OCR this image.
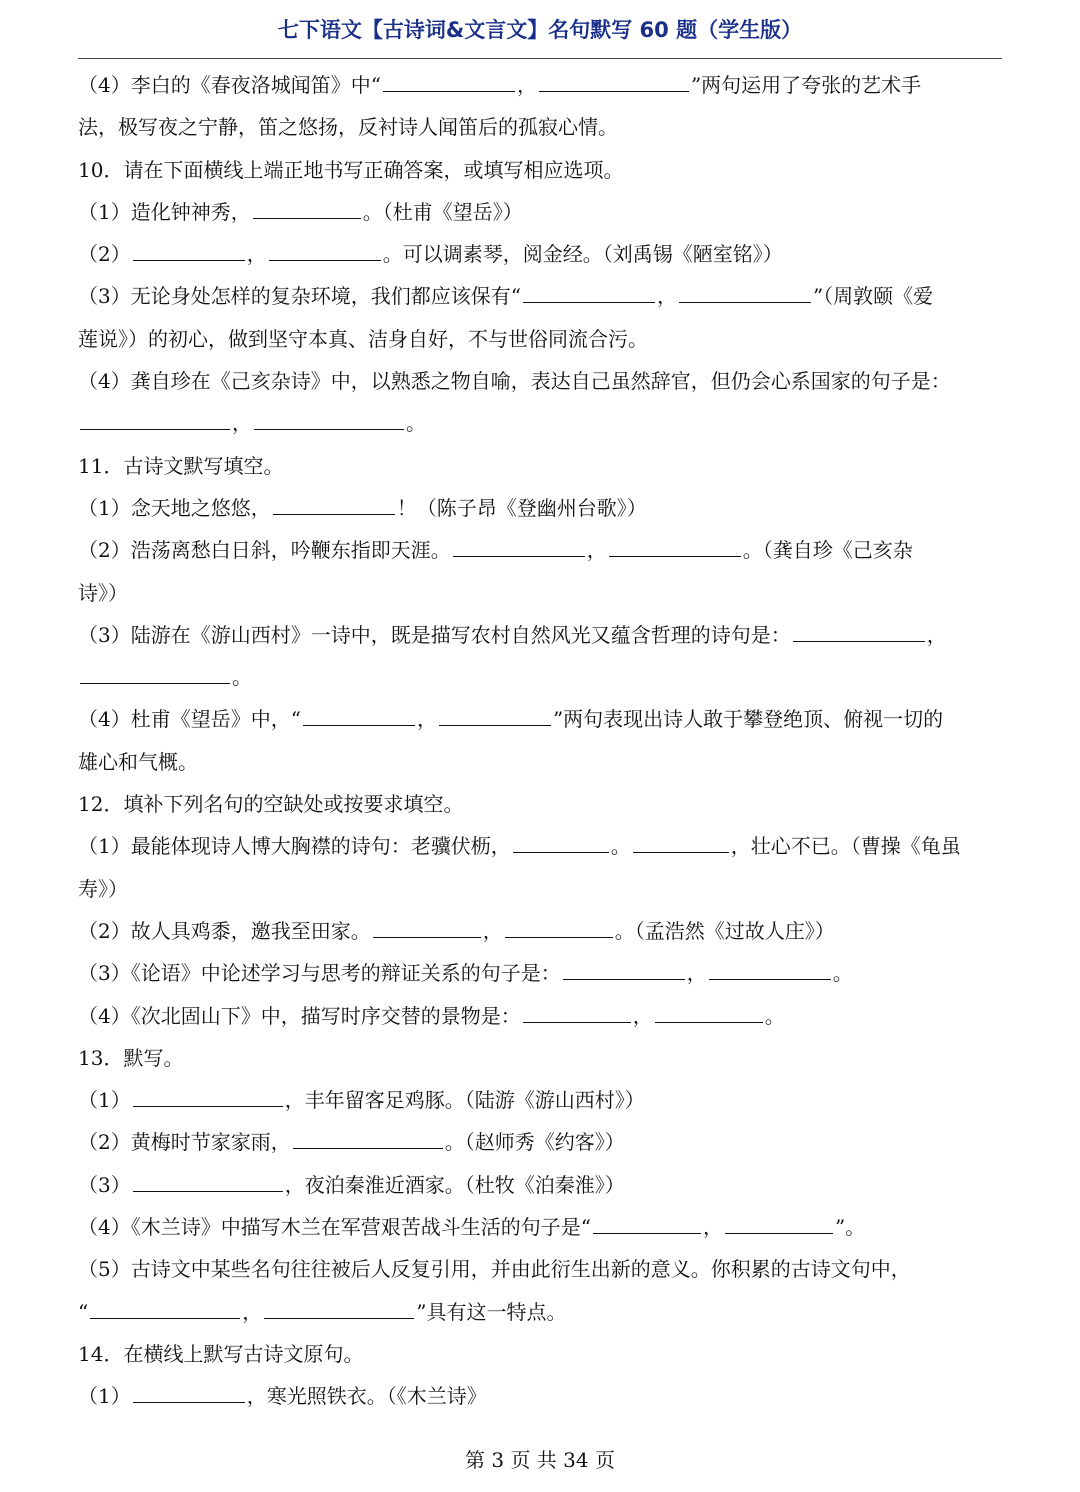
七下语文【古诗词&文言文】名句默写 60 题（学生版）
（4）李白的《春夜洛城闻笛》中“	，	”两句运用了夸张的艺术手
法，极写夜之宁静，笛之悠扬，反衬诗人闻笛后的孤寂心情。
10．请在下面横线上端正地书写正确答案，或填写相应选项。
（1）造化钟神秀，	。（杜甫《望岳》）
（2）	，	。可以调素琴，阅金经。（刘禹锡《陋室铭》）
（3）无论身处怎样的复杂环境，我们都应该保有“	，	”（周敦颐《爱
莲说》）的初心，做到坚守本真、洁身自好，不与世俗同流合污。
（4）龚自珍在《己亥杂诗》中，以熟悉之物自喻，表达自己虽然辞官，但仍会心系国家的句子是：
，	。
11．古诗文默写填空。
（1）念天地之悠悠，	！（陈子昂《登幽州台歌》）
（2）浩荡离愁白日斜，吟鞭东指即天涯。	，	。（龚自珍《己亥杂
诗》）
（3）陆游在《游山西村》一诗中，既是描写农村自然风光又蕴含哲理的诗句是：	，
。
（4）杜甫《望岳》中，“	，	”两句表现出诗人敢于攀登绝顶、俯视一切的
雄心和气概。
12．填补下列名句的空缺处或按要求填空。
（1）最能体现诗人博大胸襟的诗句：老骥伏枥，	。	，壮心不已。（曹操《龟虽
寿》）
（2）故人具鸡黍，邀我至田家。	，	。（孟浩然《过故人庄》）
（3）《论语》中论述学习与思考的辩证关系的句子是：	，	。
（4）《次北固山下》中，描写时序交替的景物是：	，	。
13．默写。
（1）	，丰年留客足鸡豚。（陆游《游山西村》）
（2）黄梅时节家家雨，	。（赵师秀《约客》）
（3）	，夜泊秦淮近酒家。（杜牧《泊秦淮》）
（4）《木兰诗》中描写木兰在军营艰苦战斗生活的句子是“	，	”。
（5）古诗文中某些名句往往被后人反复引用，并由此衍生出新的意义。你积累的古诗文句中，
“	，	”具有这一特点。
14．在横线上默写古诗文原句。
（1）	，寒光照铁衣。（《木兰诗》
第 3 页 共 34 页
